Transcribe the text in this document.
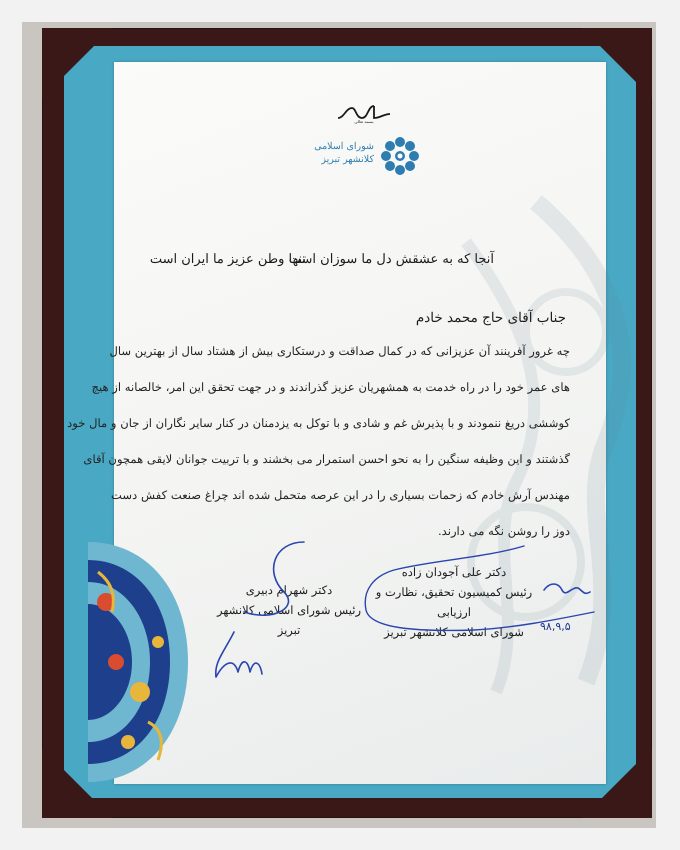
بسمه تعالی
شورای اسلامی
کلانشهر تبریز
آنجا که به عشقش دل ما سوزان است
تنها وطن عزیز ما ایران است
جناب آقای حاج محمد خادم
چه غرور آفرینند آن عزیزانی که در کمال صداقت و درستکاری بیش از هشتاد سال از بهترین سال
های عمر خود را در راه خدمت به همشهریان عزیز گذراندند و در جهت تحقق این امر، خالصانه از هیچ
کوششی دریغ ننمودند و با پذیرش غم و شادی و با توکل به یزدمنان در کنار سایر نگاران از جان و مال خود
گذشتند و این وظیفه سنگین را به نحو احسن استمرار می بخشند و با تربیت جوانان لایقی همچون آقای
مهندس آرش خادم که زحمات بسیاری را در این عرصه متحمل شده اند چراغ صنعت کفش دست
دوز را روشن نگه می دارند.
دکتر شهرام دبیری
رئیس شورای اسلامی کلانشهر تبریز
دکتر علی آجودان زاده
رئیس کمیسیون تحقیق، نظارت و ارزیابی
شورای اسلامی کلانشهر تبریز	۹۸,۹,۵
